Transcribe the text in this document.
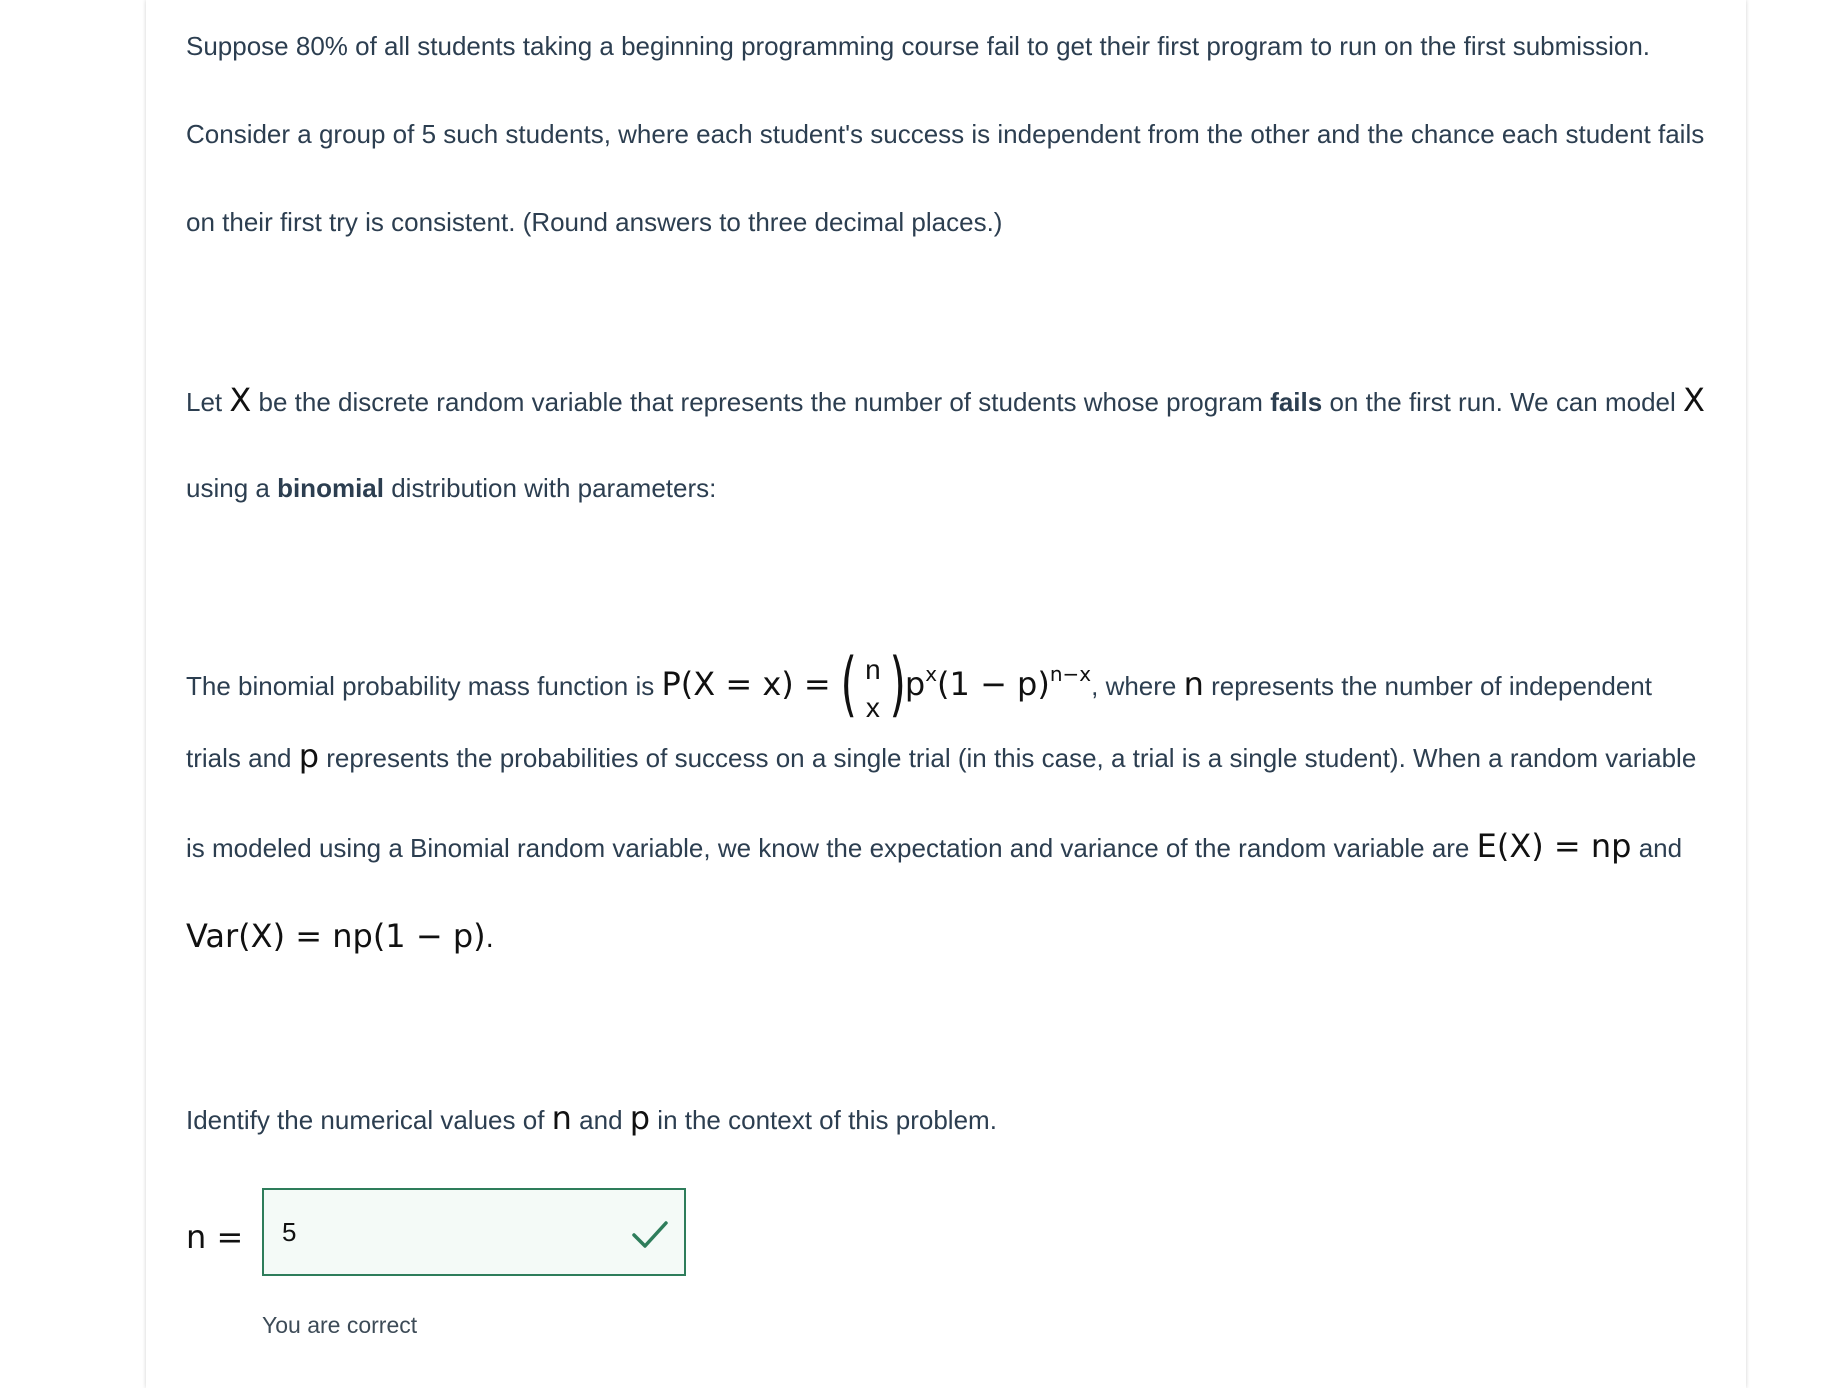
Suppose 80% of all students taking a beginning programming course fail to get their first program to run on the first submission.
Consider a group of 5 such students, where each student's success is independent from the other and the chance each student fails
on their first try is consistent. (Round answers to three decimal places.)
Let X be the discrete random variable that represents the number of students whose program fails on the first run. We can model X
using a binomial distribution with parameters:
The binomial probability mass function is P(X = x) = ( n
x ) $p^x(1 - p)^{n-x}$, where n represents the number of independent
trials and p represents the probabilities of success on a single trial (in this case, a trial is a single student). When a random variable
is modeled using a Binomial random variable, we know the expectation and variance of the random variable are E(X) = np and
Var(X) = np(1 − p).
Identify the numerical values of n and p in the context of this problem.
n =
5
You are correct
